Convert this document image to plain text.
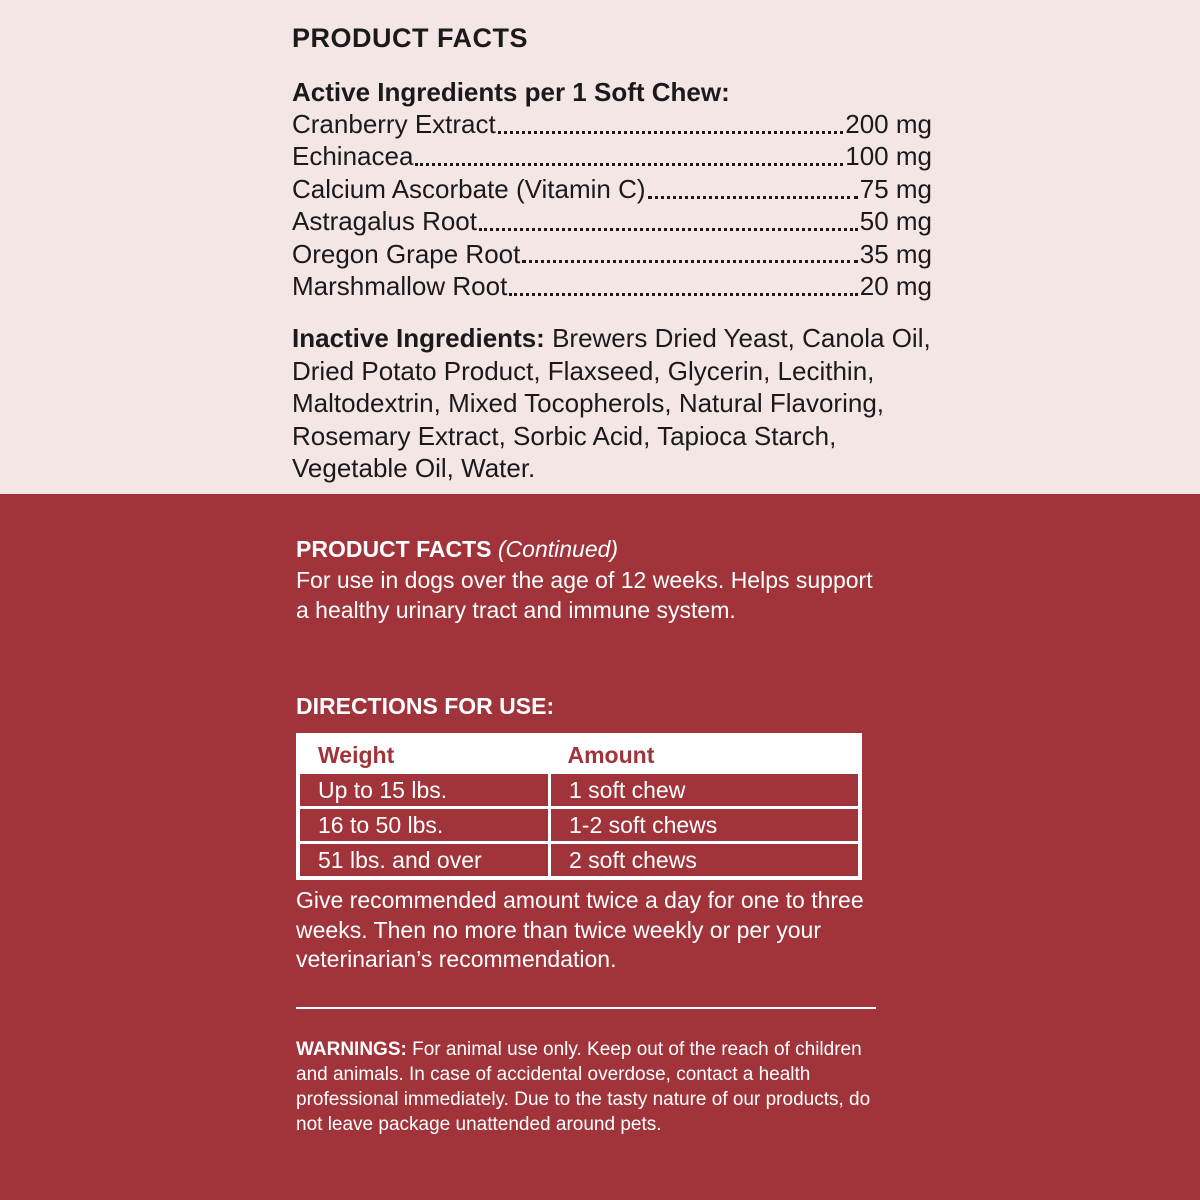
PRODUCT FACTS
Active Ingredients per 1 Soft Chew:
Cranberry Extract	200 mg
Echinacea	100 mg
Calcium Ascorbate (Vitamin C)	75 mg
Astragalus Root	50 mg
Oregon Grape Root	35 mg
Marshmallow Root	20 mg
Inactive Ingredients: Brewers Dried Yeast, Canola Oil, Dried Potato Product, Flaxseed, Glycerin, Lecithin, Maltodextrin, Mixed Tocopherols, Natural Flavoring, Rosemary Extract, Sorbic Acid, Tapioca Starch, Vegetable Oil, Water.
PRODUCT FACTS (Continued)
For use in dogs over the age of 12 weeks. Helps support a healthy urinary tract and immune system.
DIRECTIONS FOR USE:
Weight	Amount
Up to 15 lbs.	1 soft chew
16 to 50 lbs.	1-2 soft chews
51 lbs. and over	2 soft chews
Give recommended amount twice a day for one to three weeks. Then no more than twice weekly or per your veterinarian’s recommendation.
WARNINGS: For animal use only. Keep out of the reach of children and animals. In case of accidental overdose, contact a health professional immediately. Due to the tasty nature of our products, do not leave package unattended around pets.
